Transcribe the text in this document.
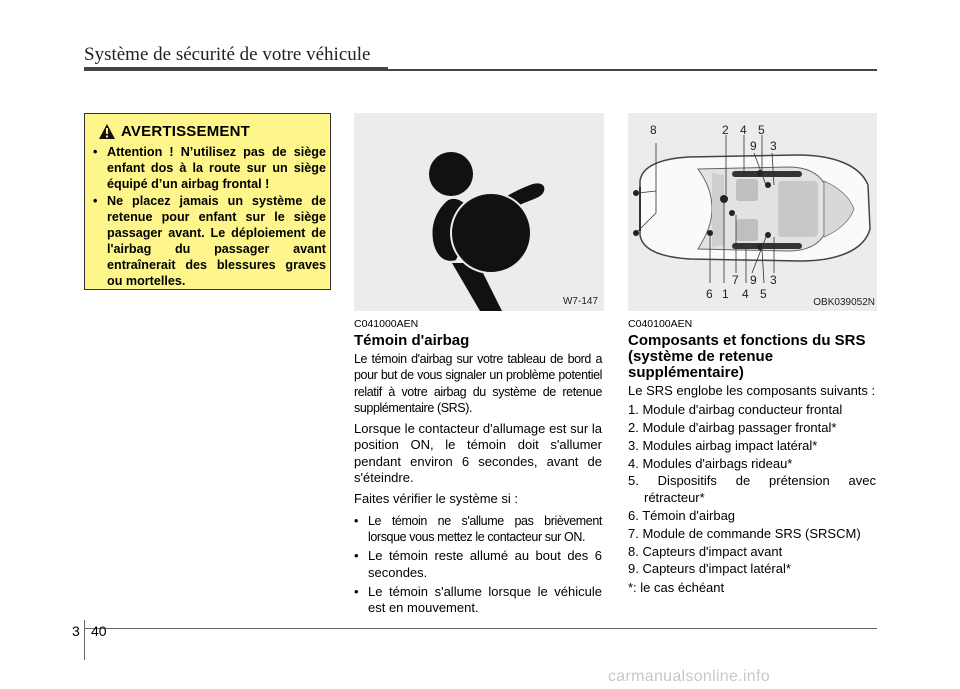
Système de sécurité de votre véhicule
AVERTISSEMENT
• Attention ! N’utilisez pas de siège enfant dos à la route sur un siège équipé d’un airbag frontal !
• Ne placez jamais un système de retenue pour enfant sur le siège passager avant. Le déploiement de l'airbag du passager avant entraînerait des blessures graves ou mortelles.
W7-147
8	2 4 5
9 3
7 9 3
6 1 4 5
OBK039052N

C041000AEN

Témoin d'airbag

Le témoin d'airbag sur votre tableau de bord a pour but de vous signaler un problème potentiel relatif à votre airbag du système de retenue supplémentaire (SRS).

Lorsque le contacteur d'allumage est sur la position ON, le témoin doit s'allumer pendant environ 6 secondes, avant de s'éteindre.

Faites vérifier le système si :

• Le témoin ne s'allume pas brièvement lorsque vous mettez le contacteur sur ON.
• Le témoin reste allumé au bout des 6 secondes.
• Le témoin s'allume lorsque le véhicule est en mouvement.

C040100AEN

Composants et fonctions du SRS (système de retenue supplémentaire)

Le SRS englobe les composants suivants :

1. Module d'airbag conducteur frontal
2. Module d'airbag passager frontal*
3. Modules airbag impact latéral*
4. Modules d'airbags rideau*
5. Dispositifs de prétension avec rétracteur*
6. Témoin d'airbag
7. Module de commande SRS (SRSCM)
8. Capteurs d'impact avant
9. Capteurs d'impact latéral*

*: le cas échéant

3 40
carmanualsonline.info
